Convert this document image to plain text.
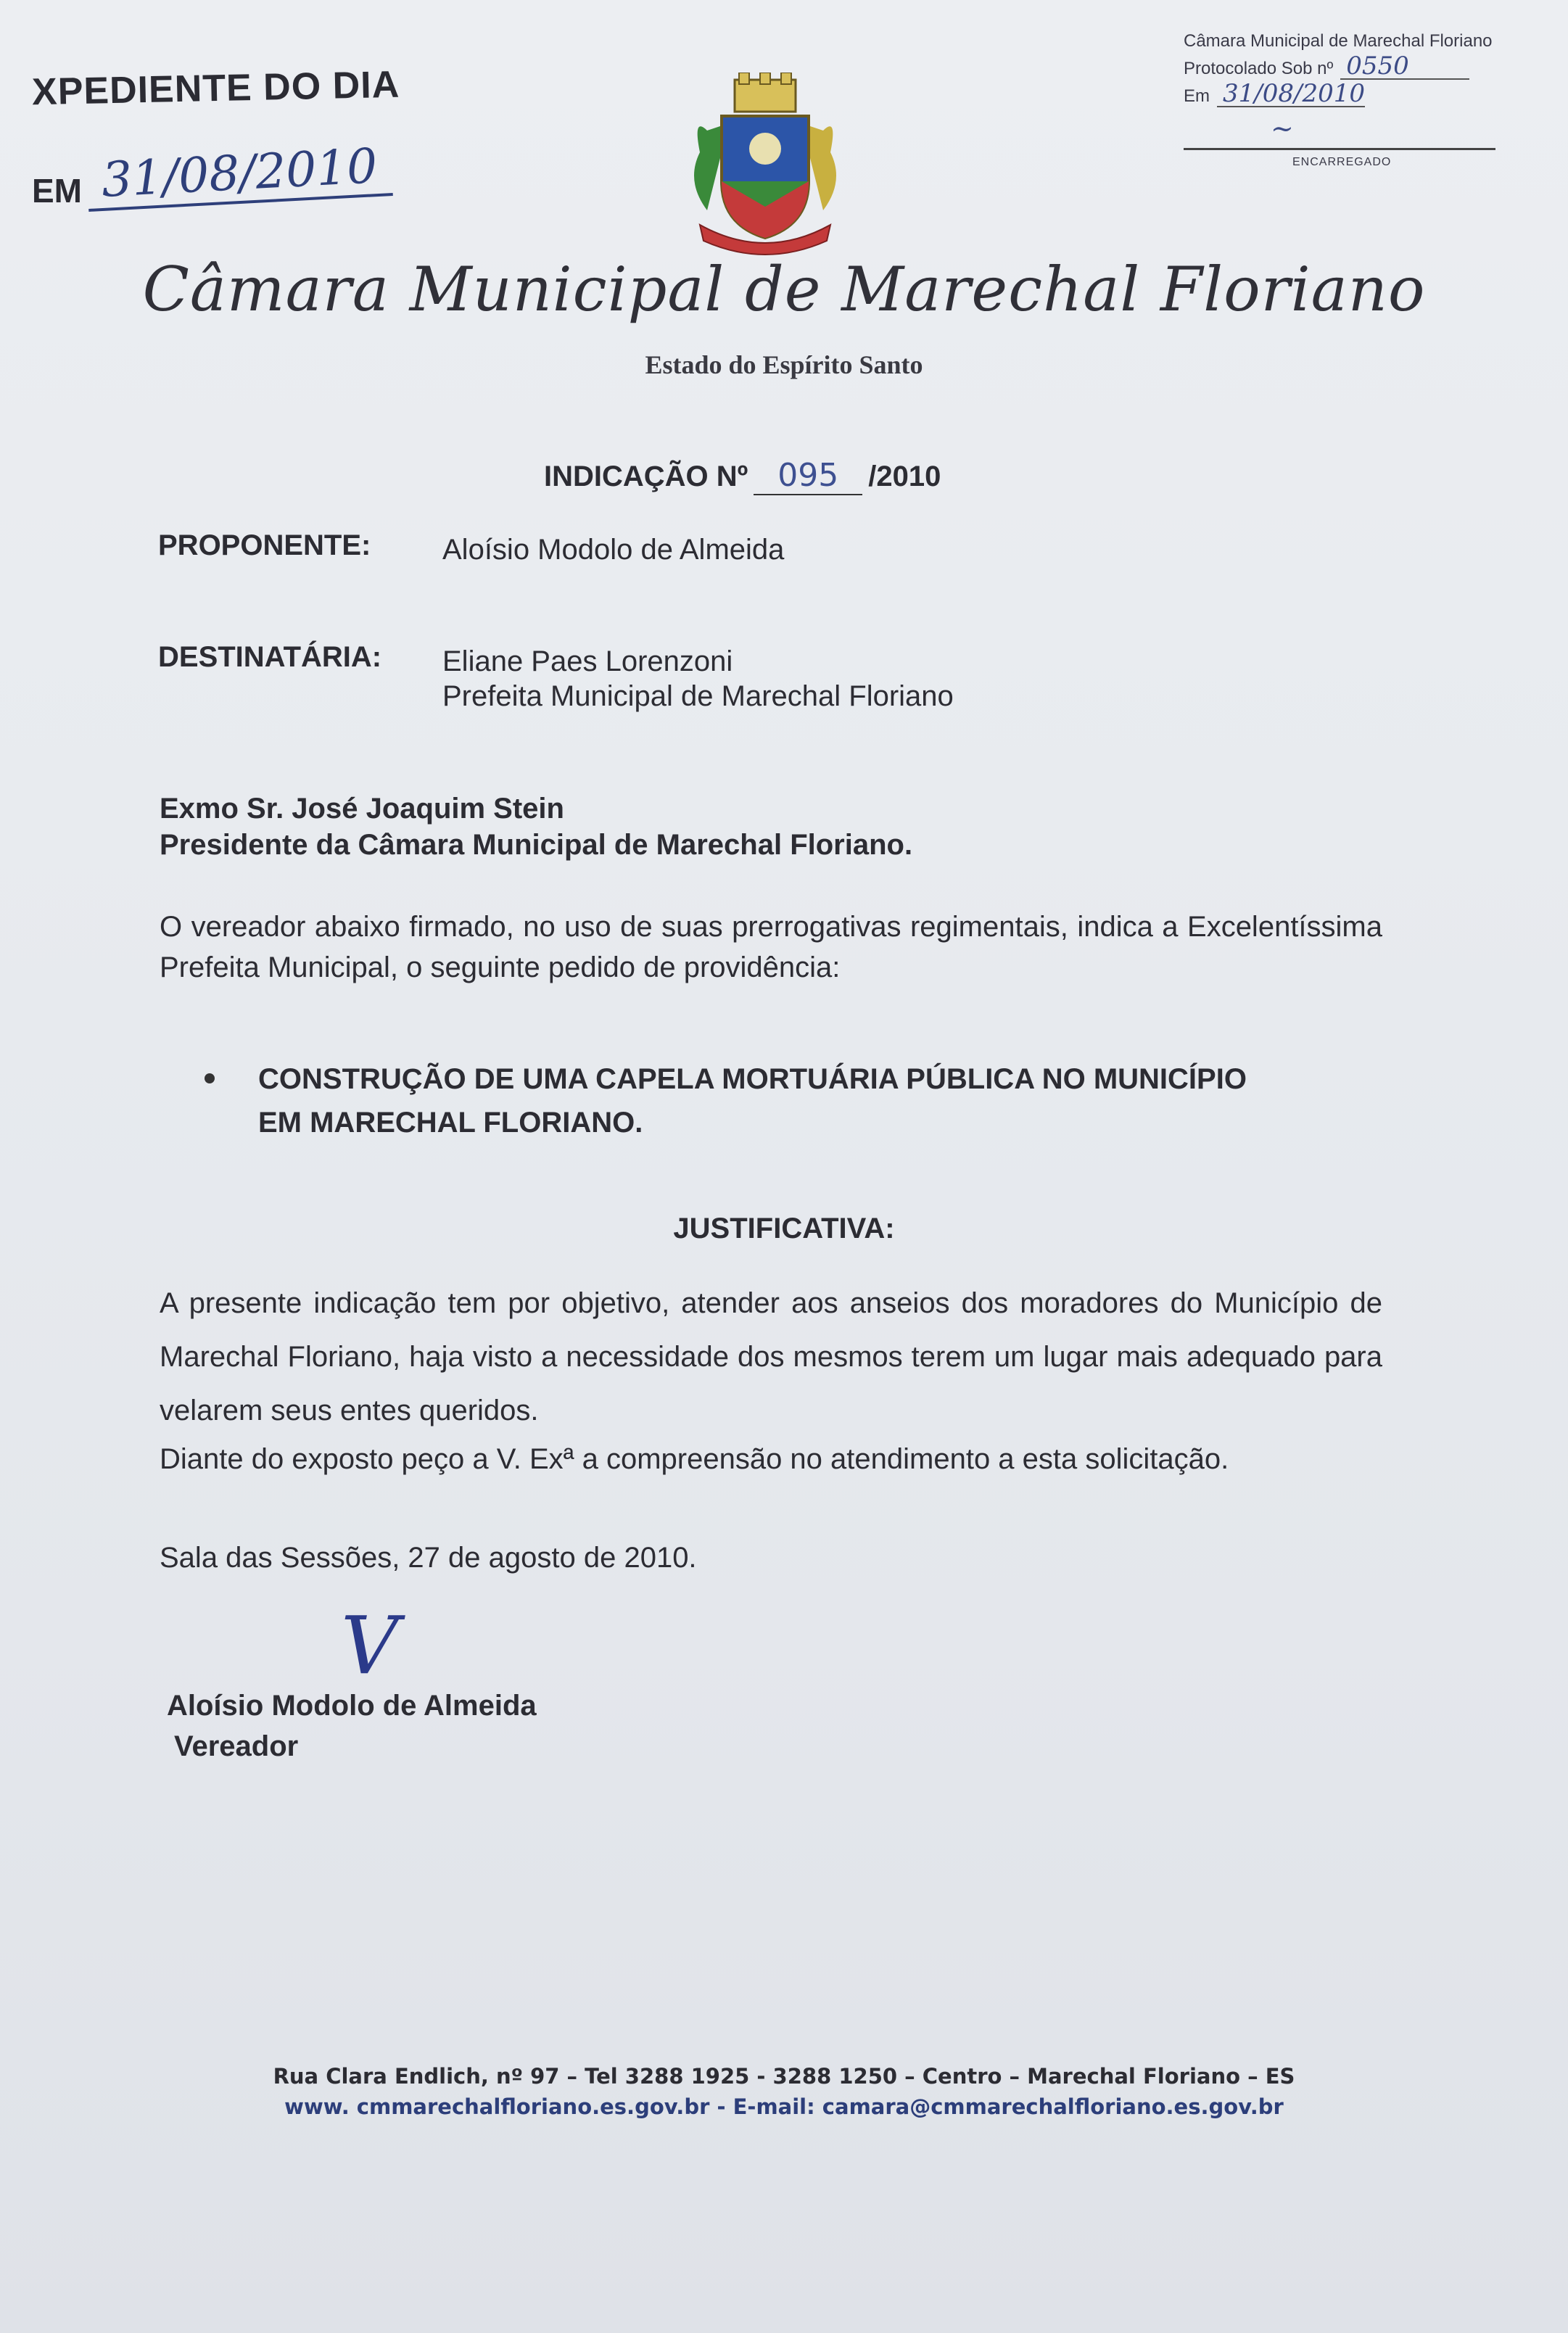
XPEDIENTE DO DIA
EM 31/08/2010
Câmara Municipal de Marechal Floriano
Protocolado Sob nº 0550
Em 31/08/2010
~
ENCARREGADO
Câmara Municipal de Marechal Floriano
Estado do Espírito Santo
INDICAÇÃO Nº 095	/2010
PROPONENTE: Aloísio Modolo de Almeida
DESTINATÁRIA: Eliane Paes Lorenzoni
Prefeita Municipal de Marechal Floriano
Exmo Sr. José Joaquim Stein
Presidente da Câmara Municipal de Marechal Floriano.
O vereador abaixo firmado, no uso de suas prerrogativas regimentais, indica a Excelentíssima Prefeita Municipal, o seguinte pedido de providência:
CONSTRUÇÃO DE UMA CAPELA MORTUÁRIA PÚBLICA NO MUNICÍPIO
EM MARECHAL FLORIANO.
JUSTIFICATIVA:
A presente indicação tem por objetivo, atender aos anseios dos moradores do Município de Marechal Floriano, haja visto a necessidade dos mesmos terem um lugar mais adequado para velarem seus entes queridos.
Diante do exposto peço a V. Exª a compreensão no atendimento a esta solicitação.
Sala das Sessões, 27 de agosto de 2010.
V
Aloísio Modolo de Almeida
Vereador
Rua Clara Endlich, nº 97 – Tel 3288 1925 - 3288 1250 – Centro – Marechal Floriano – ES
www. cmmarechalfloriano.es.gov.br - E-mail: camara@cmmarechalfloriano.es.gov.br
